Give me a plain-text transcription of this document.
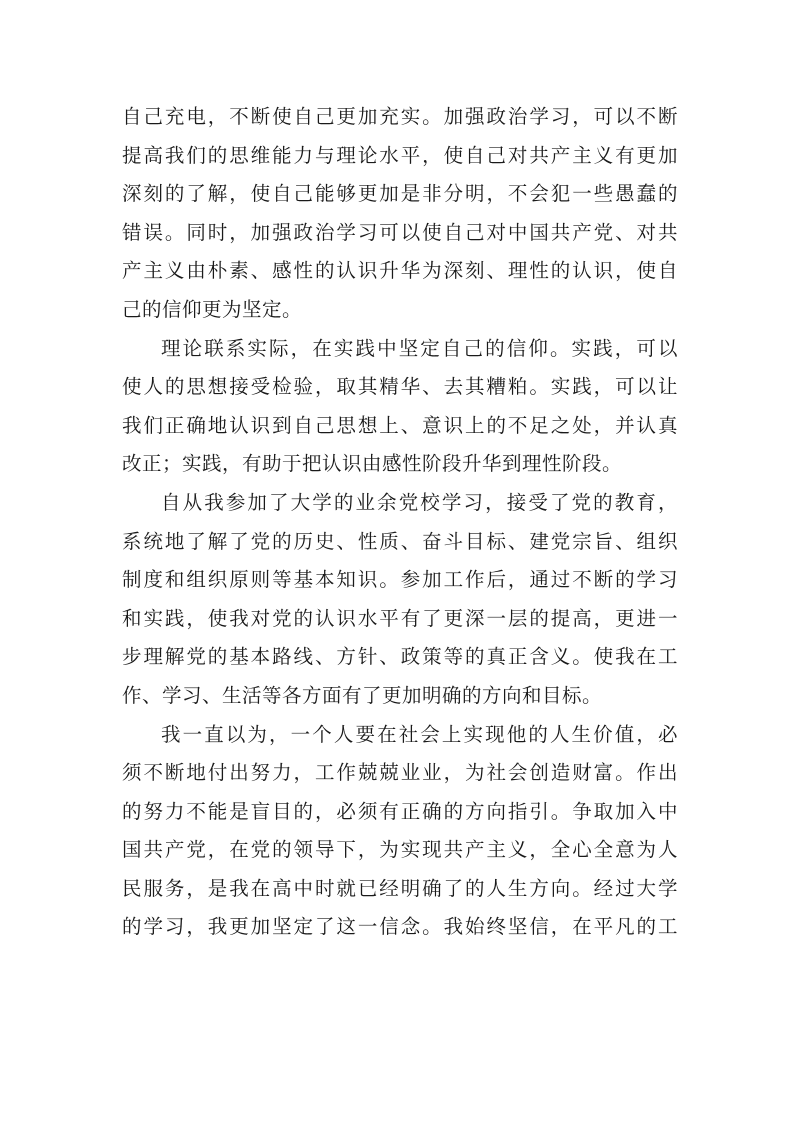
自己充电，不断使自己更加充实。加强政治学习，可以不断
提高我们的思维能力与理论水平，使自己对共产主义有更加
深刻的了解，使自己能够更加是非分明，不会犯一些愚蠢的
错误。同时，加强政治学习可以使自己对中国共产党、对共
产主义由朴素、感性的认识升华为深刻、理性的认识，使自
己的信仰更为坚定。
理论联系实际，在实践中坚定自己的信仰。实践，可以
使人的思想接受检验，取其精华、去其糟粕。实践，可以让
我们正确地认识到自己思想上、意识上的不足之处，并认真
改正；实践，有助于把认识由感性阶段升华到理性阶段。
自从我参加了大学的业余党校学习，接受了党的教育，
系统地了解了党的历史、性质、奋斗目标、建党宗旨、组织
制度和组织原则等基本知识。参加工作后，通过不断的学习
和实践，使我对党的认识水平有了更深一层的提高，更进一
步理解党的基本路线、方针、政策等的真正含义。使我在工
作、学习、生活等各方面有了更加明确的方向和目标。
我一直以为，一个人要在社会上实现他的人生价值，必
须不断地付出努力，工作兢兢业业，为社会创造财富。作出
的努力不能是盲目的，必须有正确的方向指引。争取加入中
国共产党，在党的领导下，为实现共产主义，全心全意为人
民服务，是我在高中时就已经明确了的人生方向。经过大学
的学习，我更加坚定了这一信念。我始终坚信，在平凡的工
